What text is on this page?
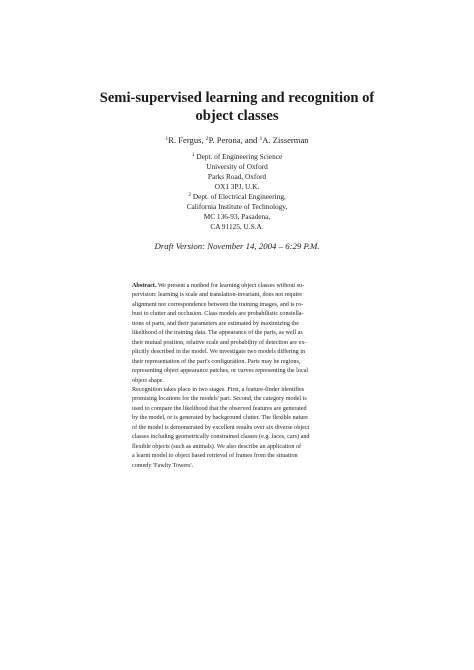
Semi-supervised learning and recognition of
object classes
$^1$R. Fergus, $^2$P. Perona, and $^1$A. Zisserman
$^1$ Dept. of Engineering Science
University of Oxford
Parks Road, Oxford
OX1 3PJ, U.K.
$^2$ Dept. of Electrical Engineering,
California Institute of Technology,
MC 136-93, Pasadena,
CA 91125, U.S.A.
Draft Version: November 14, 2004 – 6:29 P.M.
Abstract. We present a method for learning object classes without su-
pervision: learning is scale and translation-invariant, does not require
alignment nor correspondence between the training images, and is ro-
bust to clutter and occlusion. Class models are probabilistic constella-
tions of parts, and their parameters are estimated by maximizing the
likelihood of the training data. The appearance of the parts, as well as
their mutual position, relative scale and probability of detection are ex-
plicitly described in the model. We investigate two models differing in
their representation of the part's configuration. Parts may be regions,
representing object appearance patches, or curves representing the local
object shape.
Recognition takes place in two stages. First, a feature-finder identifies
promising locations for the models' part. Second, the category model is
used to compare the likelihood that the observed features are generated
by the model, or is generated by background clutter. The flexible nature
of the model is demonstrated by excellent results over six diverse object
classes including geometrically constrained classes (e.g. faces, cars) and
flexible objects (such as animals). We also describe an application of
a learnt model to object based retrieval of frames from the situation
comedy 'Fawlty Towers'.
